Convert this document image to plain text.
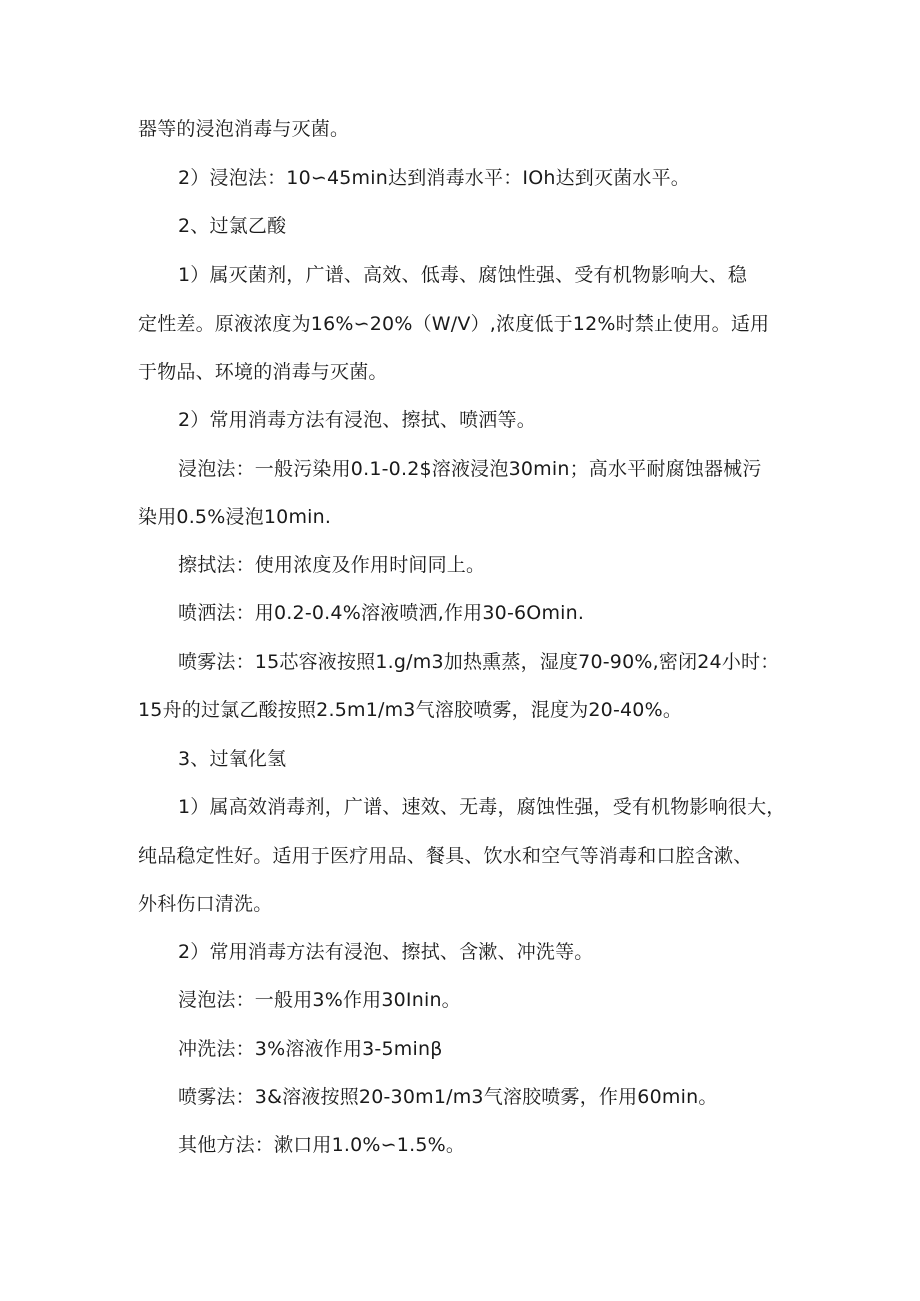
器等的浸泡消毒与灭菌。
2）浸泡法：10∽45min达到消毒水平：IOh达到灭菌水平。
2、过氯乙酸
1）属灭菌剂，广谱、高效、低毒、腐蚀性强、受有机物影响大、稳
定性差。原液浓度为16%∽20%（W/V）,浓度低于12%时禁止使用。适用
于物品、环境的消毒与灭菌。
2）常用消毒方法有浸泡、擦拭、喷洒等。
浸泡法：一般污染用0.1-0.2$溶液浸泡30min；高水平耐腐蚀器械污
染用0.5%浸泡10min.
擦拭法：使用浓度及作用时间同上。
喷洒法：用0.2-0.4%溶液喷洒,作用30-6Omin.
喷雾法：15芯容液按照1.g∕m3加热熏蒸，湿度70-90%,密闭24小时：
15舟的过氯乙酸按照2.5m1∕m3气溶胶喷雾，混度为20-40%。
3、过氧化氢
1）属高效消毒剂，广谱、速效、无毒，腐蚀性强，受有机物影响很大，
纯品稳定性好。适用于医疗用品、餐具、饮水和空气等消毒和口腔含漱、
外科伤口清洗。
2）常用消毒方法有浸泡、擦拭、含漱、冲洗等。
浸泡法：一般用3%作用30Inin。
冲洗法：3%溶液作用3-5minβ
喷雾法：3&溶液按照20-30m1∕m3气溶胶喷雾，作用60min。
其他方法：漱口用1.0%∽1.5%。
